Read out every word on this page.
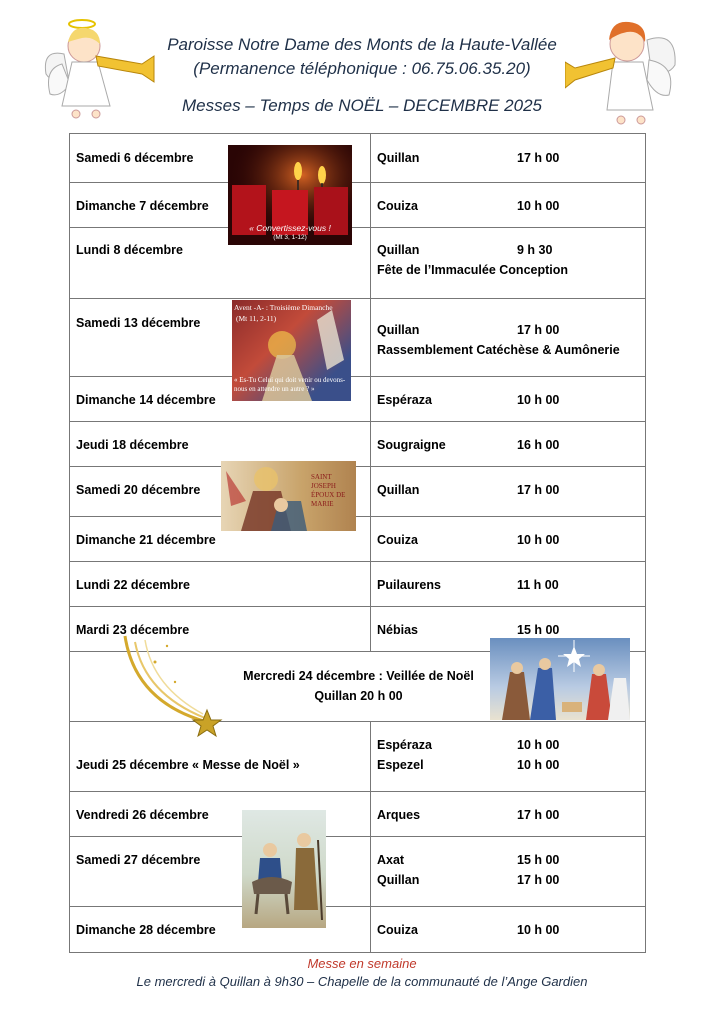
Paroisse Notre Dame des Monts de la Haute-Vallée
(Permanence téléphonique : 06.75.06.35.20)
Messes – Temps de NOËL – DECEMBRE 2025
Samedi 6 décembre	Quillan 17 h 00

Dimanche 7 décembre	Couiza 10 h 00

Lundi 8 décembre	Quillan 9 h 30
Fête de l’Immaculée Conception

Samedi 13 décembre	Quillan 17 h 00
Rassemblement Catéchèse & Aumônerie

Dimanche 14 décembre	Espéraza 10 h 00

Jeudi 18 décembre	Sougraigne 16 h 00

Samedi 20 décembre	Quillan 17 h 00

Dimanche 21 décembre	Couiza 10 h 00

Lundi 22 décembre	Puilaurens 11 h 00

Mardi 23 décembre	Nébias 15 h 00

Mercredi 24 décembre : Veillée de Noël
Quillan 20 h 00	

Jeudi 25 décembre « Messe de Noël »	Espéraza 10 h 00
Espezel 10 h 00

Vendredi 26 décembre	Arques 17 h 00

Samedi 27 décembre	Axat 15 h 00
Quillan 17 h 00

Dimanche 28 décembre	Couiza 10 h 00
« Convertissez-vous !
(Mt 3, 1-12)
Avent -A- : Troisième Dimanche
(Mt 11, 2-11)
« Es-Tu Celui qui doit venir ou devons-nous en attendre un autre ? »
SAINT JOSEPH ÉPOUX DE MARIE
Messe en semaine
Le mercredi à Quillan à 9h30 – Chapelle de la communauté de l’Ange Gardien
